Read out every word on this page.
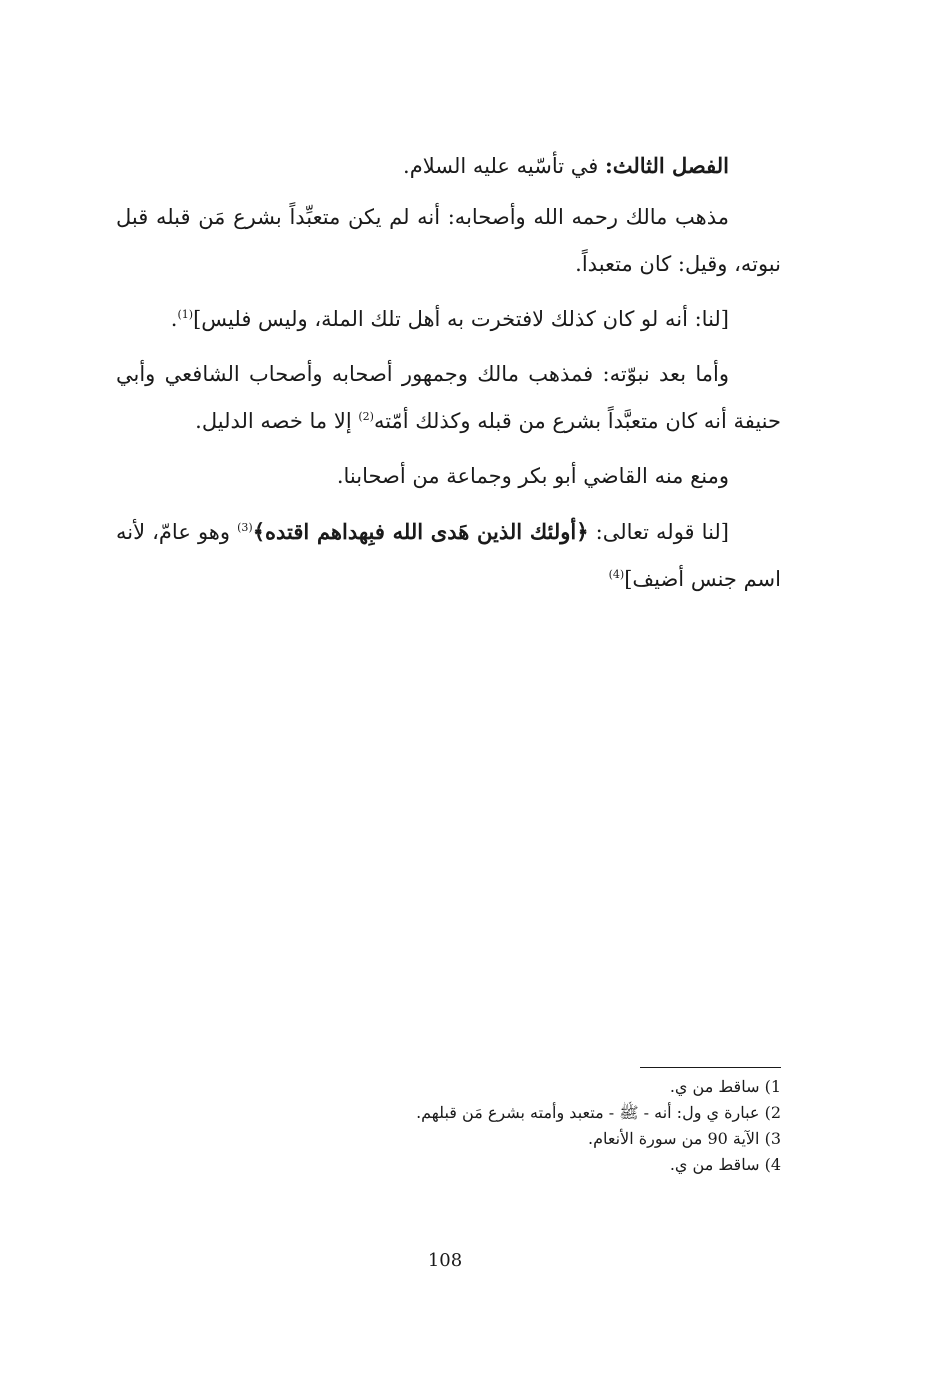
الفصل الثالث: في تأسّيه عليه السلام.

مذهب مالك رحمه الله وأصحابه: أنه لم يكن متعبِّداً بشرع مَن قبله قبل نبوته، وقيل: كان متعبداً.

[لنا: أنه لو كان كذلك لافتخرت به أهل تلك الملة، وليس فليس]$^{(1)}$.

وأما بعد نبوّته: فمذهب مالك وجمهور أصحابه وأصحاب الشافعي وأبي حنيفة أنه كان متعبَّداً بشرع من قبله وكذلك أمّته$^{(2)}$ إلا ما خصه الدليل.

ومنع منه القاضي أبو بكر وجماعة من أصحابنا.

[لنا قوله تعالى: ﴿أولئك الذين هَدى الله فبِهداهم اقتده﴾$^{(3)}$ وهو عامّ، لأنه اسم جنس أضيف]$^{(4)}$

1) ساقط من ي.

2) عبارة ي ول: أنه - ﷺ - متعبد وأمته بشرع مَن قبلهم.

3) الآية 90 من سورة الأنعام.

4) ساقط من ي.

108
